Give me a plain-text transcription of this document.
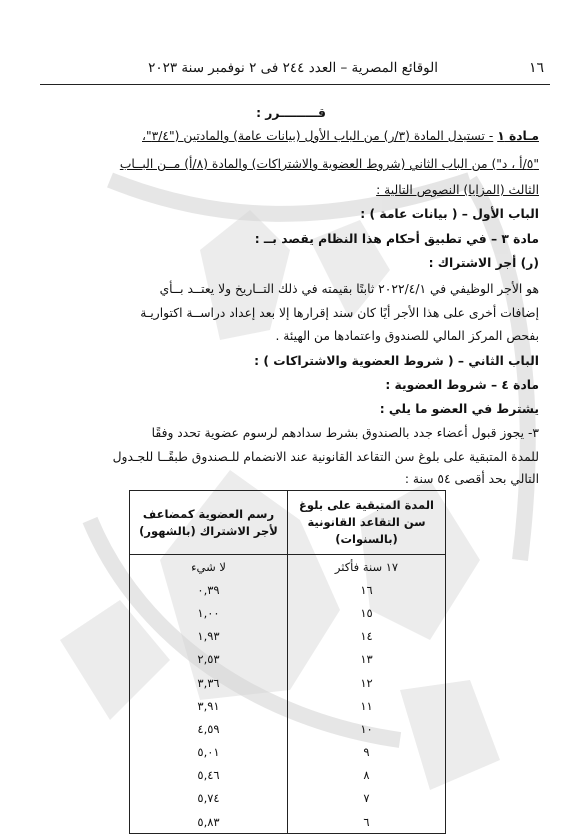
١٦
الوقائع المصرية – العدد ٢٤٤ فى ٢ نوفمبر سنة ٢٠٢٣
قـــــــــرر :
مـادة ١ - تستبدل المادة (٣/ر) من الباب الأول (بيانات عامة) والمادتين ("٣/٤"،
"٥/أ ، د") من الباب الثاني (شروط العضوية والاشتراكات) والمادة (٨/أ) مــن البــاب
الثالث (المزايا) النصوص التالية :
الباب الأول – ( بيانات عامة ) :
مادة ٣ – في تطبيق أحكام هذا النظام يقصد بــ :
(ر) أجر الاشتراك :
هو الأجر الوظيفي في ٢٠٢٢/٤/١ ثابتًا بقيمته في ذلك التــاريخ ولا يعتــد بــأي
إضافات أخرى على هذا الأجر أيًا كان سند إقرارها إلا بعد إعداد دراســة اكتواريـة
بفحص المركز المالي للصندوق واعتمادها من الهيئة .
الباب الثاني – ( شروط العضوية والاشتراكات ) :
مادة ٤ – شروط العضوية :
يشترط في العضو ما يلي :
٣- يجوز قبول أعضاء جدد بالصندوق بشرط سدادهم لرسوم عضوية تحدد وفقًا
للمدة المتبقية على بلوغ سن التقاعد القانونية عند الانضمام للـصندوق طبقًــا للجـدول
التالي بحد أقصى ٥٤ سنة :
المدة المتبقية على بلوغ سن التقاعد القانونية (بالسنوات)	رسم العضوية كمضاعف لأجر الاشتراك (بالشهور)
١٧ سنة فأكثر	لا شيء
١٦	٠,٣٩
١٥	١,٠٠
١٤	١,٩٣
١٣	٢,٥٣
١٢	٣,٣٦
١١	٣,٩١
١٠	٤,٥٩
٩	٥,٠١
٨	٥,٤٦
٧	٥,٧٤
٦	٥,٨٣
